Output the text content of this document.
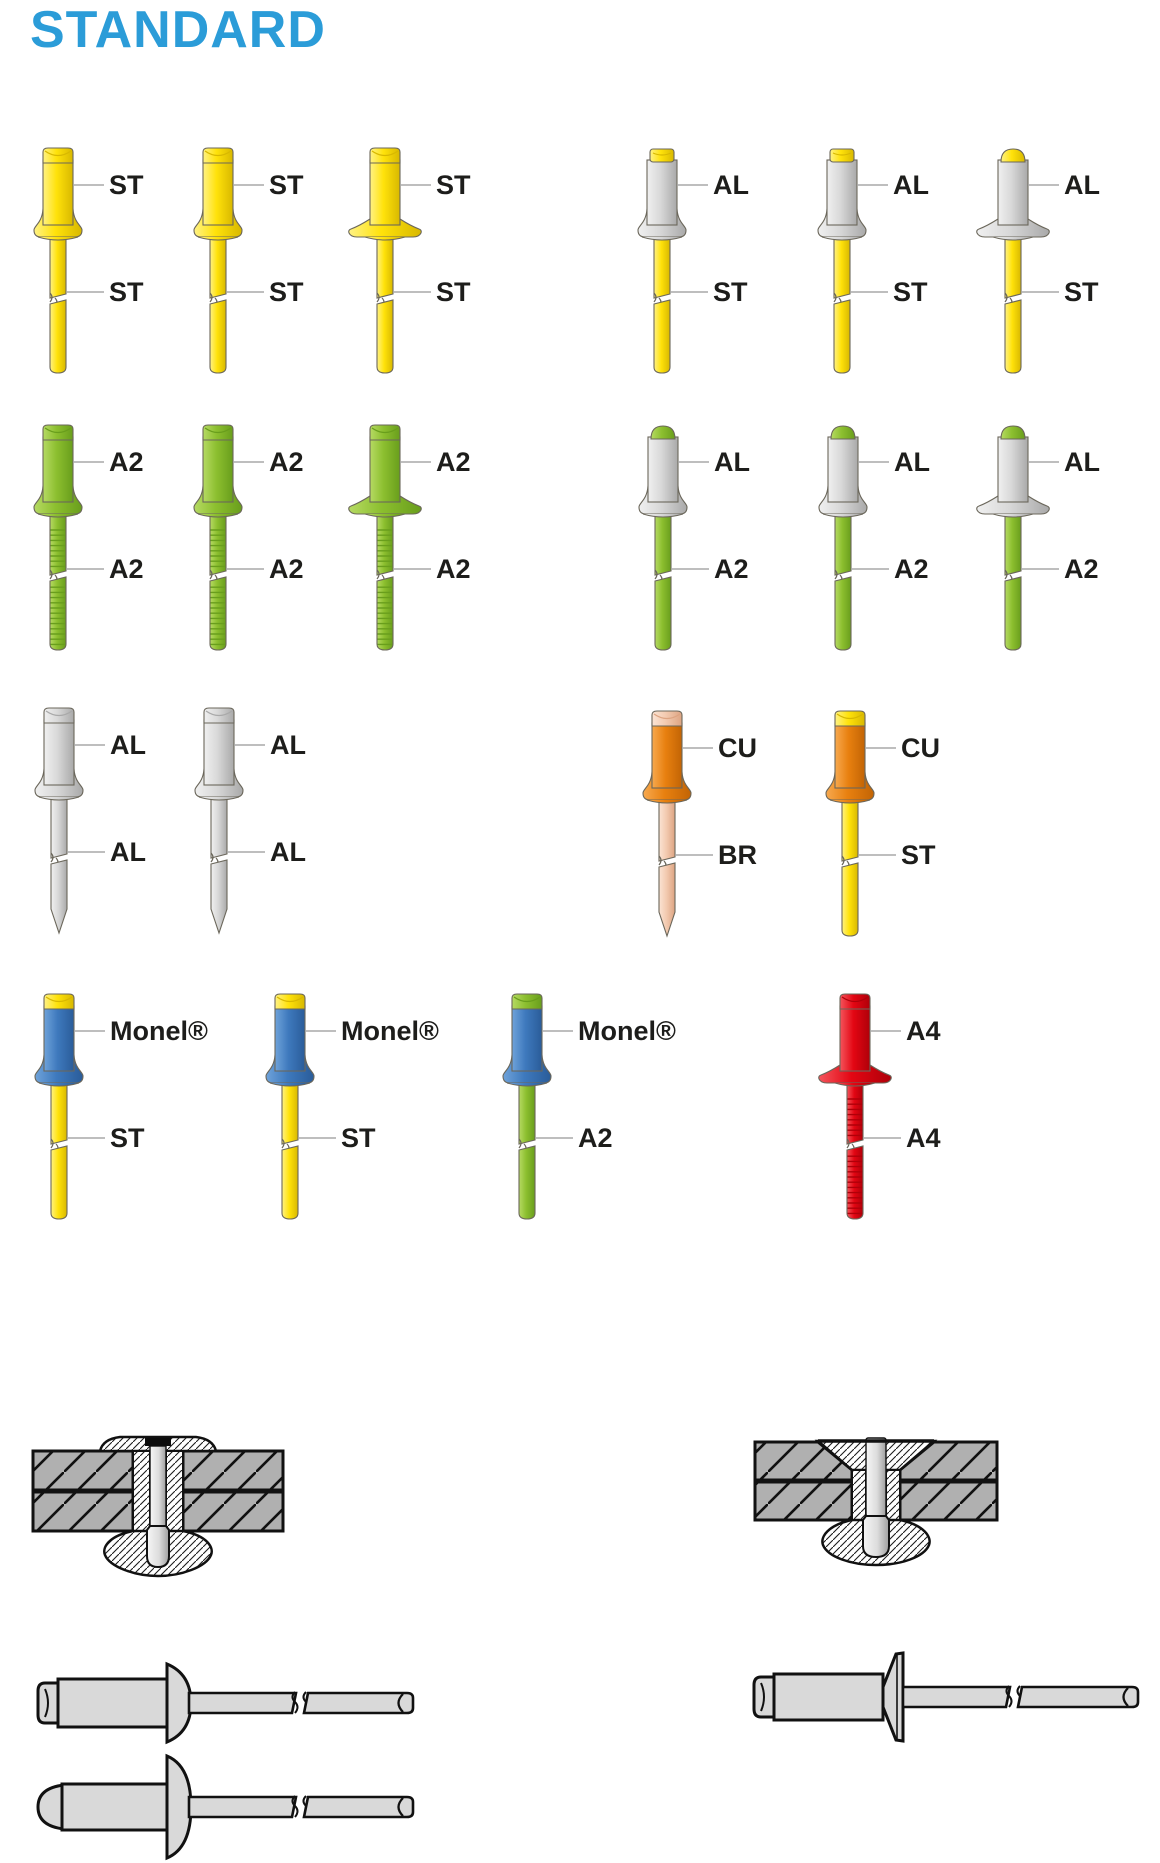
STANDARD
ST
ST
ST
ST
ST
ST
AL
ST
AL
ST
AL
ST
A2
A2
A2
A2
A2
A2
AL
A2
AL
A2
AL
A2
AL
AL
AL
AL
CU
BR
CU
ST
Monel®
ST
Monel®
ST
Monel®
A2
A4
A4
